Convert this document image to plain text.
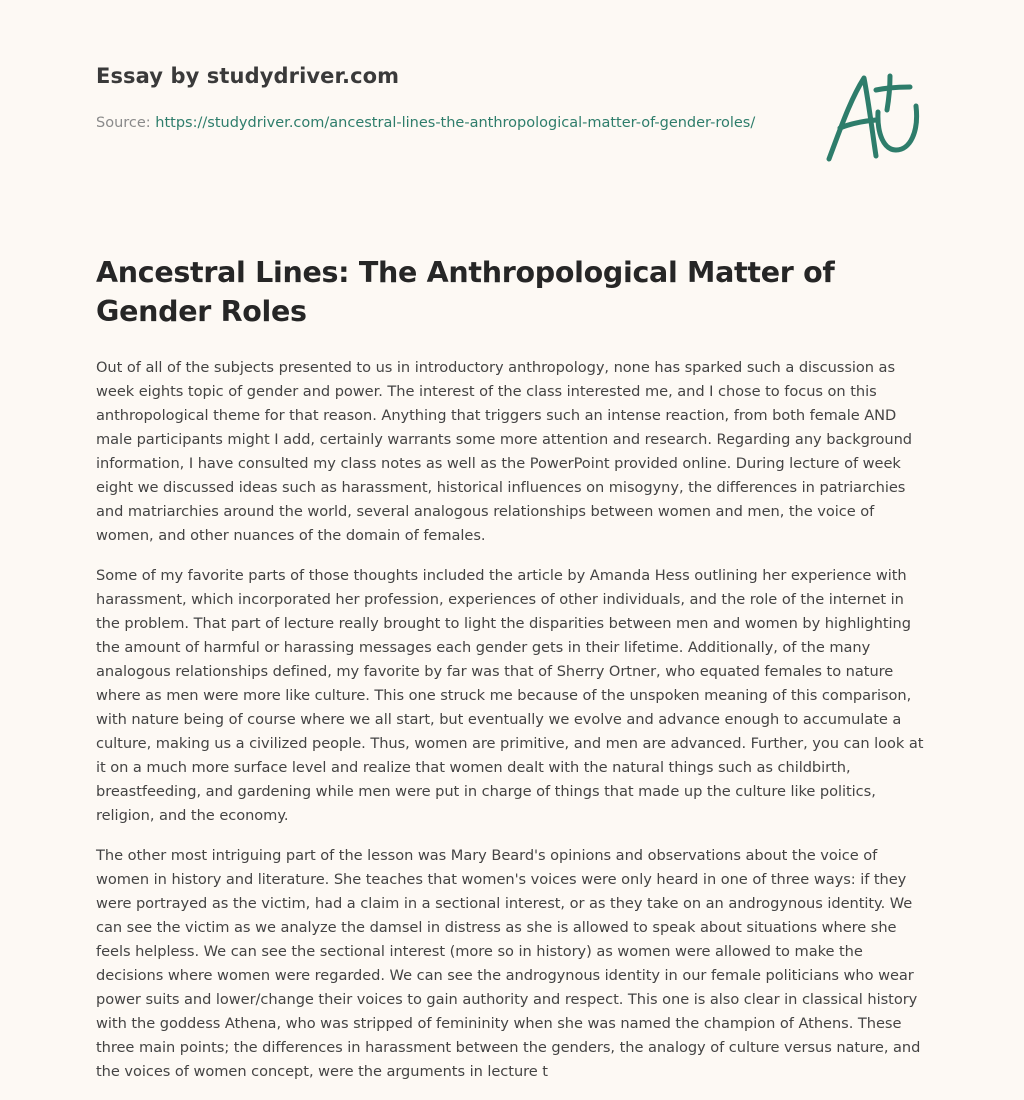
Essay by studydriver.com

Source: https://studydriver.com/ancestral-lines-the-anthropological-matter-of-gender-roles/

Ancestral Lines: The Anthropological Matter of Gender Roles

Out of all of the subjects presented to us in introductory anthropology, none has sparked such a discussion as week eights topic of gender and power. The interest of the class interested me, and I chose to focus on this anthropological theme for that reason. Anything that triggers such an intense reaction, from both female AND male participants might I add, certainly warrants some more attention and research. Regarding any background information, I have consulted my class notes as well as the PowerPoint provided online. During lecture of week eight we discussed ideas such as harassment, historical influences on misogyny, the differences in patriarchies and matriarchies around the world, several analogous relationships between women and men, the voice of women, and other nuances of the domain of females.

Some of my favorite parts of those thoughts included the article by Amanda Hess outlining her experience with harassment, which incorporated her profession, experiences of other individuals, and the role of the internet in the problem. That part of lecture really brought to light the disparities between men and women by highlighting the amount of harmful or harassing messages each gender gets in their lifetime. Additionally, of the many analogous relationships defined, my favorite by far was that of Sherry Ortner, who equated females to nature where as men were more like culture. This one struck me because of the unspoken meaning of this comparison, with nature being of course where we all start, but eventually we evolve and advance enough to accumulate a culture, making us a civilized people. Thus, women are primitive, and men are advanced. Further, you can look at it on a much more surface level and realize that women dealt with the natural things such as childbirth, breastfeeding, and gardening while men were put in charge of things that made up the culture like politics, religion, and the economy.

The other most intriguing part of the lesson was Mary Beard's opinions and observations about the voice of women in history and literature. She teaches that women's voices were only heard in one of three ways: if they were portrayed as the victim, had a claim in a sectional interest, or as they take on an androgynous identity. We can see the victim as we analyze the damsel in distress as she is allowed to speak about situations where she feels helpless. We can see the sectional interest (more so in history) as women were allowed to make the decisions where women were regarded. We can see the androgynous identity in our female politicians who wear power suits and lower/change their voices to gain authority and respect. This one is also clear in classical history with the goddess Athena, who was stripped of femininity when she was named the champion of Athens. These three main points; the differences in harassment between the genders, the analogy of culture versus nature, and the voices of women concept, were the arguments in lecture t
